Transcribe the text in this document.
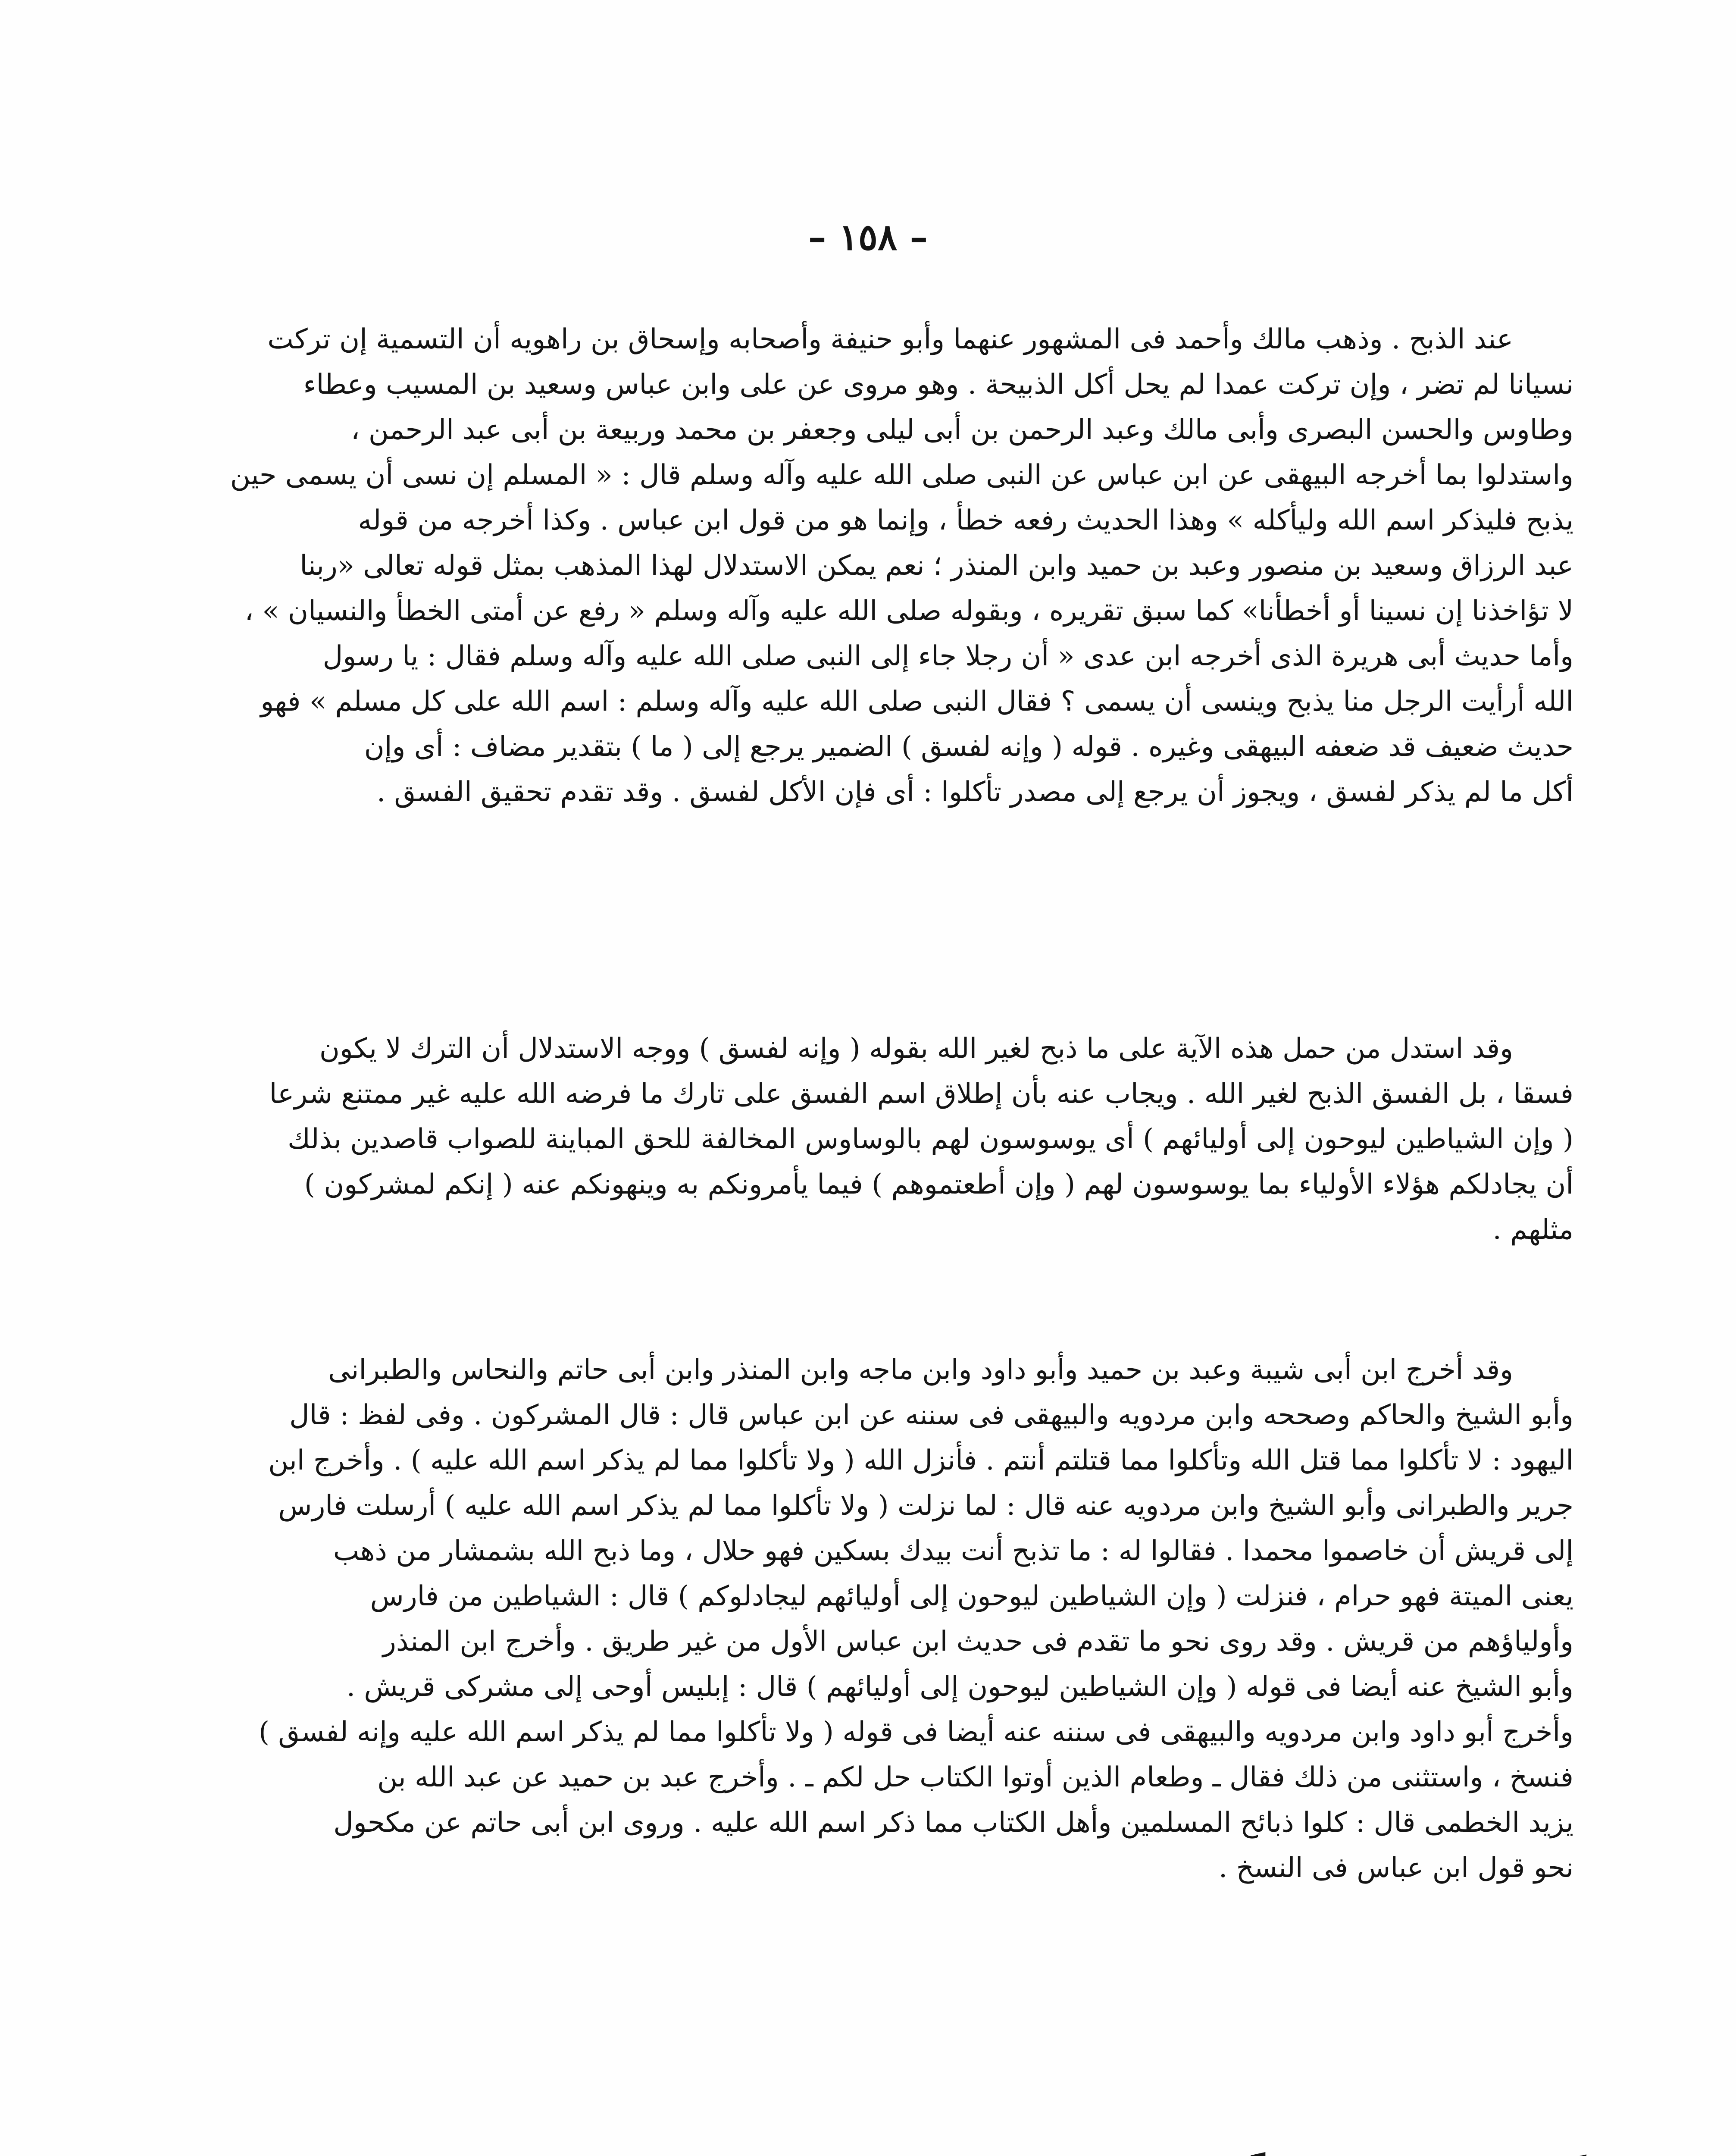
– ١٥٨ –
عند الذبح . وذهب مالك وأحمد فى المشهور عنهما وأبو حنيفة وأصحابه وإسحاق بن راهويه أن التسمية إن تركت
نسيانا لم تضر ، وإن تركت عمدا لم يحل أكل الذبيحة . وهو مروى عن على وابن عباس وسعيد بن المسيب وعطاء
وطاوس والحسن البصرى وأبى مالك وعبد الرحمن بن أبى ليلى وجعفر بن محمد وربيعة بن أبى عبد الرحمن ،
واستدلوا بما أخرجه البيهقى عن ابن عباس عن النبى صلى الله عليه وآله وسلم قال : « المسلم إن نسى أن يسمى حين
يذبح فليذكر اسم الله وليأكله » وهذا الحديث رفعه خطأ ، وإنما هو من قول ابن عباس . وكذا أخرجه من قوله
عبد الرزاق وسعيد بن منصور وعبد بن حميد وابن المنذر ؛ نعم يمكن الاستدلال لهذا المذهب بمثل قوله تعالى «ربنا
لا تؤاخذنا إن نسينا أو أخطأنا» كما سبق تقريره ، وبقوله صلى الله عليه وآله وسلم « رفع عن أمتى الخطأ والنسيان » ،
وأما حديث أبى هريرة الذى أخرجه ابن عدى « أن رجلا جاء إلى النبى صلى الله عليه وآله وسلم فقال : يا رسول
الله أرأيت الرجل منا يذبح وينسى أن يسمى ؟ فقال النبى صلى الله عليه وآله وسلم : اسم الله على كل مسلم » فهو
حديث ضعيف قد ضعفه البيهقى وغيره . قوله ( وإنه لفسق ) الضمير يرجع إلى ( ما ) بتقدير مضاف : أى وإن
أكل ما لم يذكر لفسق ، ويجوز أن يرجع إلى مصدر تأكلوا : أى فإن الأكل لفسق . وقد تقدم تحقيق الفسق .
وقد استدل من حمل هذه الآية على ما ذبح لغير الله بقوله ( وإنه لفسق ) ووجه الاستدلال أن الترك لا يكون
فسقا ، بل الفسق الذبح لغير الله . ويجاب عنه بأن إطلاق اسم الفسق على تارك ما فرضه الله عليه غير ممتنع شرعا
( وإن الشياطين ليوحون إلى أوليائهم ) أى يوسوسون لهم بالوساوس المخالفة للحق المباينة للصواب قاصدين بذلك
أن يجادلكم هؤلاء الأولياء بما يوسوسون لهم ( وإن أطعتموهم ) فيما يأمرونكم به وينهونكم عنه ( إنكم لمشركون )
مثلهم .
وقد أخرج ابن أبى شيبة وعبد بن حميد وأبو داود وابن ماجه وابن المنذر وابن أبى حاتم والنحاس والطبرانى
وأبو الشيخ والحاكم وصححه وابن مردويه والبيهقى فى سننه عن ابن عباس قال : قال المشركون . وفى لفظ : قال
اليهود : لا تأكلوا مما قتل الله وتأكلوا مما قتلتم أنتم . فأنزل الله ( ولا تأكلوا مما لم يذكر اسم الله عليه ) . وأخرج ابن
جرير والطبرانى وأبو الشيخ وابن مردويه عنه قال : لما نزلت ( ولا تأكلوا مما لم يذكر اسم الله عليه ) أرسلت فارس
إلى قريش أن خاصموا محمدا . فقالوا له : ما تذبح أنت بيدك بسكين فهو حلال ، وما ذبح الله بشمشار من ذهب
يعنى الميتة فهو حرام ، فنزلت ( وإن الشياطين ليوحون إلى أوليائهم ليجادلوكم ) قال : الشياطين من فارس
وأولياؤهم من قريش . وقد روى نحو ما تقدم فى حديث ابن عباس الأول من غير طريق . وأخرج ابن المنذر
وأبو الشيخ عنه أيضا فى قوله ( وإن الشياطين ليوحون إلى أوليائهم ) قال : إبليس أوحى إلى مشركى قريش .
وأخرج أبو داود وابن مردويه والبيهقى فى سننه عنه أيضا فى قوله ( ولا تأكلوا مما لم يذكر اسم الله عليه وإنه لفسق )
فنسخ ، واستثنى من ذلك فقال ـ وطعام الذين أوتوا الكتاب حل لكم ـ . وأخرج عبد بن حميد عن عبد الله بن
يزيد الخطمى قال : كلوا ذبائح المسلمين وأهل الكتاب مما ذكر اسم الله عليه . وروى ابن أبى حاتم عن مكحول
نحو قول ابن عباس فى النسخ .
